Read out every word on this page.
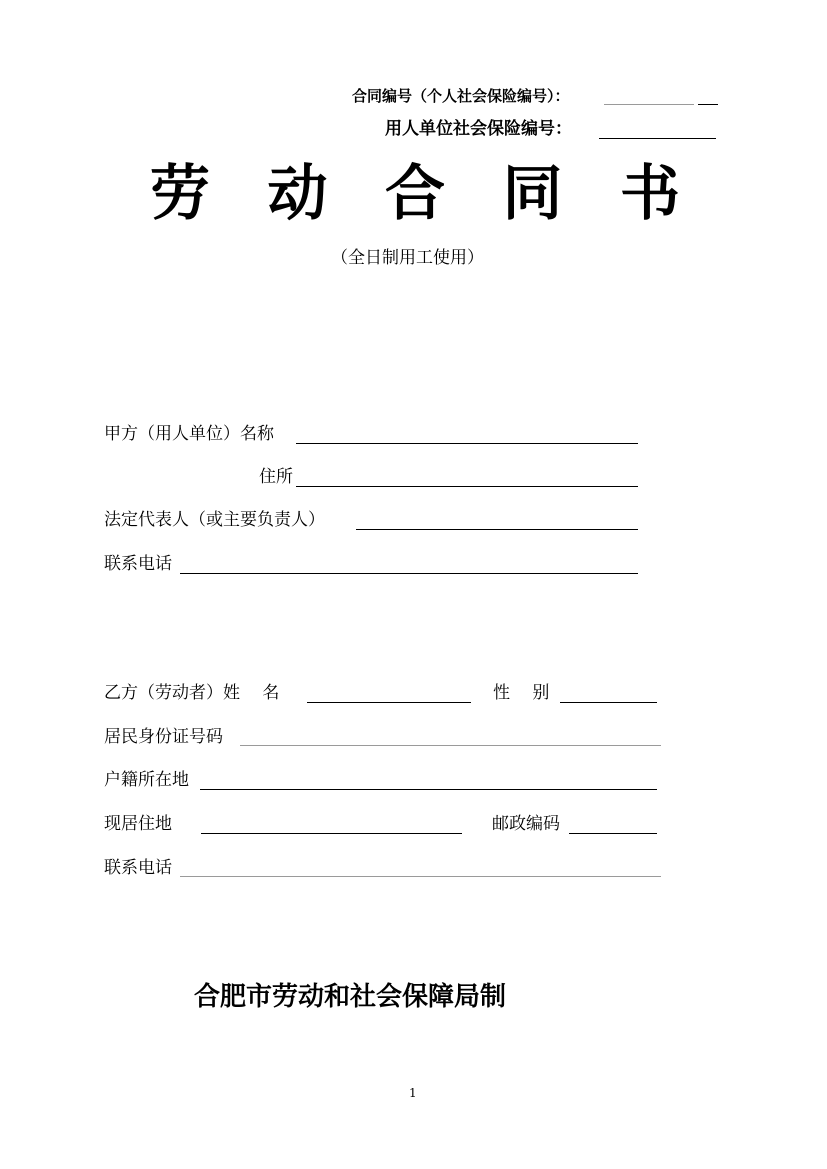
合同编号（个人社会保险编号）：
用人单位社会保险编号：
劳 动 合 同 书
（全日制用工使用）
甲方（用人单位）名称
住所
法定代表人（或主要负责人）
联系电话
乙方（劳动者）姓　 名	性　 别
居民身份证号码
户籍所在地
现居住地	邮政编码
联系电话
合肥市劳动和社会保障局制
1
